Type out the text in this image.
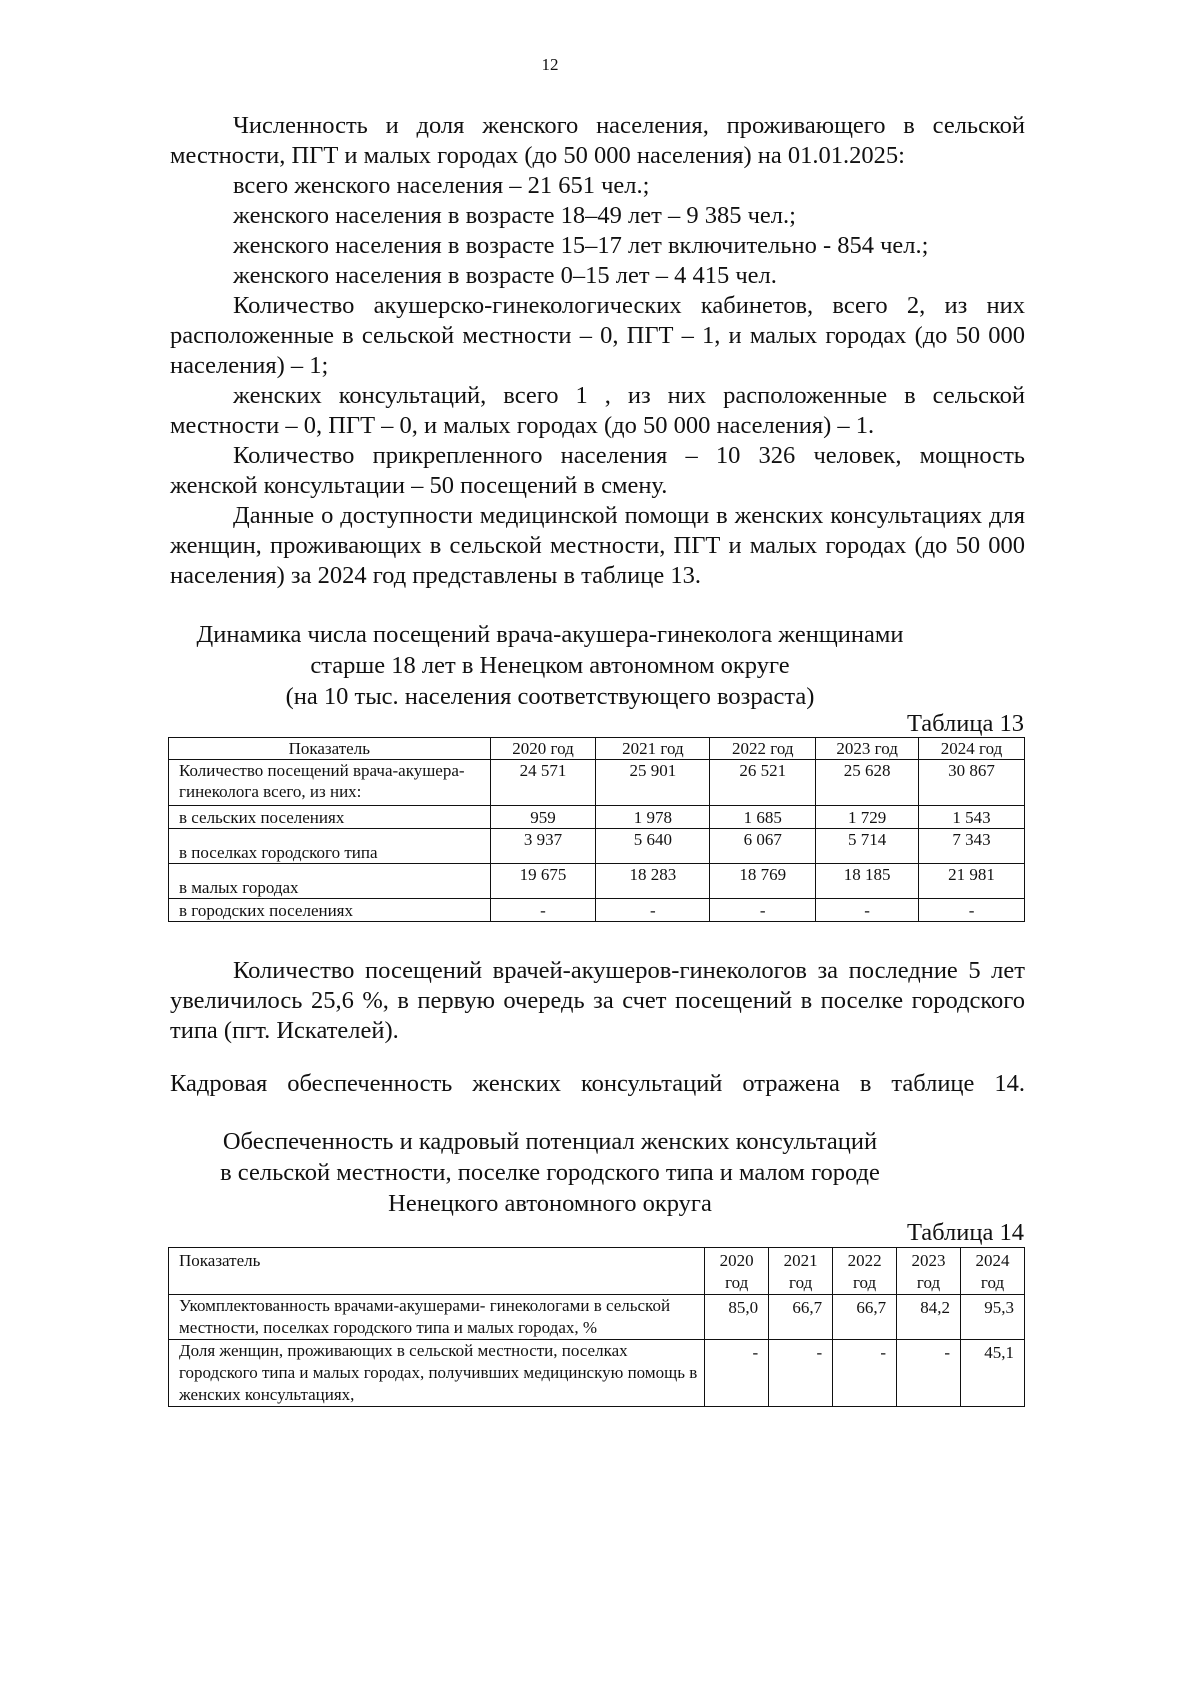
12

Численность и доля женского населения, проживающего в сельской местности, ПГТ и малых городах (до 50 000 населения) на 01.01.2025:

всего женского населения – 21 651 чел.;

женского населения в возрасте 18–49 лет – 9 385 чел.;

женского населения в возрасте 15–17 лет включительно - 854 чел.;

женского населения в возрасте 0–15 лет – 4 415 чел.

Количество акушерско-гинекологических кабинетов, всего 2, из них расположенные в сельской местности – 0, ПГТ – 1, и малых городах (до 50 000 населения) – 1;

женских консультаций, всего 1 , из них расположенные в сельской местности – 0, ПГТ – 0, и малых городах (до 50 000 населения) – 1.

Количество прикрепленного населения – 10 326 человек, мощность женской консультации – 50 посещений в смену.

Данные о доступности медицинской помощи в женских консультациях для женщин, проживающих в сельской местности, ПГТ и малых городах (до 50 000 населения) за 2024 год представлены в таблице 13.

Динамика числа посещений врача-акушера-гинеколога женщинами

старше 18 лет в Ненецком автономном округе

(на 10 тыс. населения соответствующего возраста)

Таблица 13
Показатель	2020 год	2021 год	2022 год	2023 год	2024 год
Количество посещений врача-акушера-гинеколога всего, из них:	24 571	25 901	26 521	25 628	30 867
в сельских поселениях	959	1 978	1 685	1 729	1 543
в поселках городского типа	3 937	5 640	6 067	5 714	7 343
в малых городах	19 675	18 283	18 769	18 185	21 981
в городских поселениях	-	-	-	-	-

Количество посещений врачей-акушеров-гинекологов за последние 5 лет увеличилось 25,6 %, в первую очередь за счет посещений в поселке городского типа (пгт. Искателей).

Кадровая обеспеченность женских консультаций отражена в таблице 14.

Обеспеченность и кадровый потенциал женских консультаций

в сельской местности, поселке городского типа и малом городе

Ненецкого автономного округа

Таблица 14
Показатель	2020 год	2021 год	2022 год	2023 год	2024 год
Укомплектованность врачами-акушерами- гинекологами в сельской местности, поселках городского типа и малых городах, %	85,0	66,7	66,7	84,2	95,3
Доля женщин, проживающих в сельской местности, поселках городского типа и малых городах, получивших медицинскую помощь в женских консультациях,	-	-	-	-	45,1
